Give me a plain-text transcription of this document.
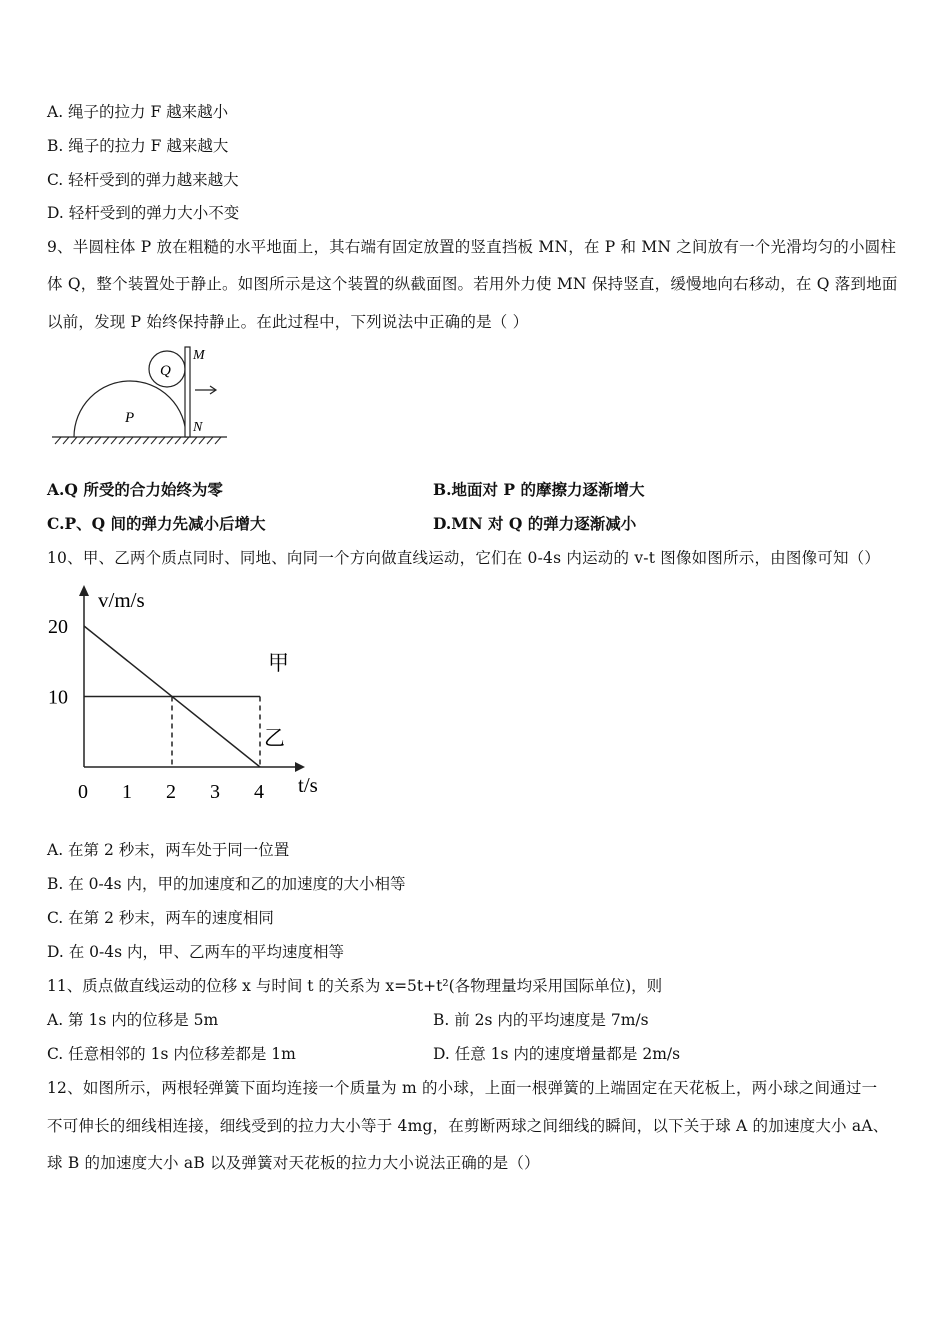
A. 绳子的拉力 F 越来越小
B. 绳子的拉力 F 越来越大
C. 轻杆受到的弹力越来越大
D. 轻杆受到的弹力大小不变
9、半圆柱体 P 放在粗糙的水平地面上，其右端有固定放置的竖直挡板 MN，在 P 和 MN 之间放有一个光滑均匀的小圆柱
体 Q，整个装置处于静止。如图所示是这个装置的纵截面图。若用外力使 MN 保持竖直，缓慢地向右移动，在 Q 落到地面
以前，发现 P 始终保持静止。在此过程中，下列说法中正确的是（ ）
P
Q
M
N
A.Q 所受的合力始终为零	B.地面对 P 的摩擦力逐渐增大
C.P、Q 间的弹力先减小后增大	D.MN 对 Q 的弹力逐渐减小
10、甲、乙两个质点同时、同地、向同一个方向做直线运动，它们在 0-4s 内运动的 v-t 图像如图所示，由图像可知（）
v/m/s
t/s
甲
乙
0 1 2 3 4
20
10
A. 在第 2 秒末，两车处于同一位置
B. 在 0-4s 内，甲的加速度和乙的加速度的大小相等
C. 在第 2 秒末，两车的速度相同
D. 在 0-4s 内，甲、乙两车的平均速度相等
11、质点做直线运动的位移 x 与时间 t 的关系为 x=5t+t²(各物理量均采用国际单位)，则
A. 第 1s 内的位移是 5m	B. 前 2s 内的平均速度是 7m/s
C. 任意相邻的 1s 内位移差都是 1m	D. 任意 1s 内的速度增量都是 2m/s
12、如图所示，两根轻弹簧下面均连接一个质量为 m 的小球，上面一根弹簧的上端固定在天花板上，两小球之间通过一
不可伸长的细线相连接，细线受到的拉力大小等于 4mg，在剪断两球之间细线的瞬间，以下关于球 A 的加速度大小 aA、
球 B 的加速度大小 aB 以及弹簧对天花板的拉力大小说法正确的是（）
